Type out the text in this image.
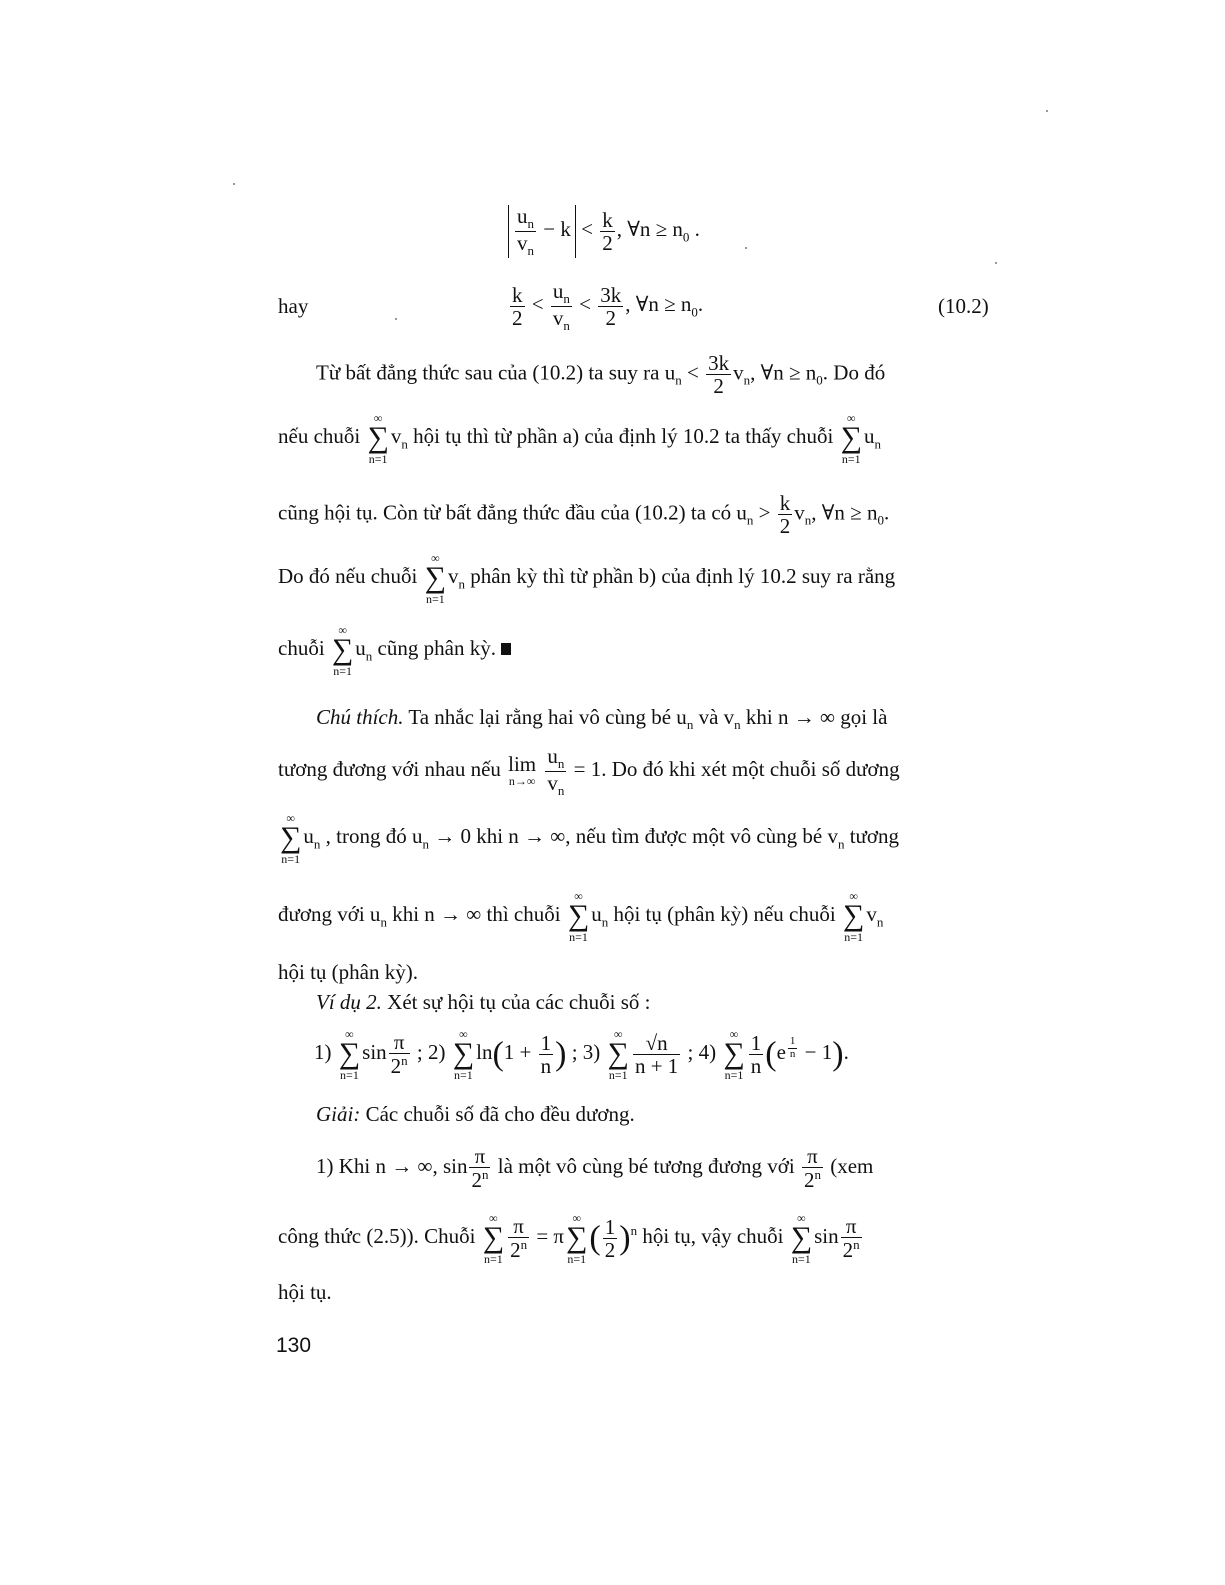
$\frac{u_n}{v_n} - k < \frac{k}{2}$ , ∀n ≥ $n_0$ .
hay	$\frac{k}{2} < \frac{u_n}{v_n} < \frac{3k}{2}$ , ∀n ≥ $n_0$.	(10.2)
Từ bất đẳng thức sau của (10.2) ta suy ra $u_n < \frac{3k}{2} v_n$, ∀n ≥ $n_0$. Do đó
nếu chuỗi
∞
∑
n=1
$v_n$ hội tụ thì từ phần a) của định lý 10.2 ta thấy chuỗi
∞
∑
n=1
$u_n$
cũng hội tụ. Còn từ bất đẳng thức đầu của (10.2) ta có $u_n > \frac{k}{2} v_n$, ∀n ≥ $n_0$.
Do đó nếu chuỗi
∞
∑
n=1
$v_n$ phân kỳ thì từ phần b) của định lý 10.2 suy ra rằng
chuỗi
∞
∑
n=1
$u_n$ cũng phân kỳ.
Chú thích. Ta nhắc lại rằng hai vô cùng bé $u_n$ và $v_n$ khi n → ∞ gọi là
tương đương với nhau nếu lim
n→∞
$\frac{u_n}{v_n} = 1$. Do đó khi xét một chuỗi số dương
∞
∑
n=1
$u_n$ , trong đó $u_n \to 0$ khi n → ∞, nếu tìm được một vô cùng bé $v_n$ tương
đương với $u_n$ khi n → ∞ thì chuỗi
∞
∑
n=1
$u_n$ hội tụ (phân kỳ) nếu chuỗi
∞
∑
n=1
$v_n$
hội tụ (phân kỳ).
Ví dụ 2. Xét sự hội tụ của các chuỗi số :
1)
∞
∑
n=1
$\sin \frac{\pi}{2^n}$ ; 2)
∞
∑
n=1
$\ln(1 + \frac{1}{n}$ ) ; 3)
∞
∑
$n=1 \frac{√n}{n + 1}$ ; 4)
∞
∑
$n=1 \frac{1}{n} (e$ $^{\frac{1}{n}}$ − 1).
Giải: Các chuỗi số đã cho đều dương.
1) Khi n → ∞, $\sin \frac{\pi}{2^n}$ là một vô cùng bé tương đương với $\frac{\pi}{2^n} (xem$
công thức (2.5)). Chuỗi
∞
∑
$n=1 \frac{\pi}{2^n} = \pi$
∞
∑
n=1
( $\frac{1}{2} )^n$ hội tụ, vậy chuỗi
∞
∑
n=1
$\sin \frac{\pi}{2^n}$
hội tụ.
130
